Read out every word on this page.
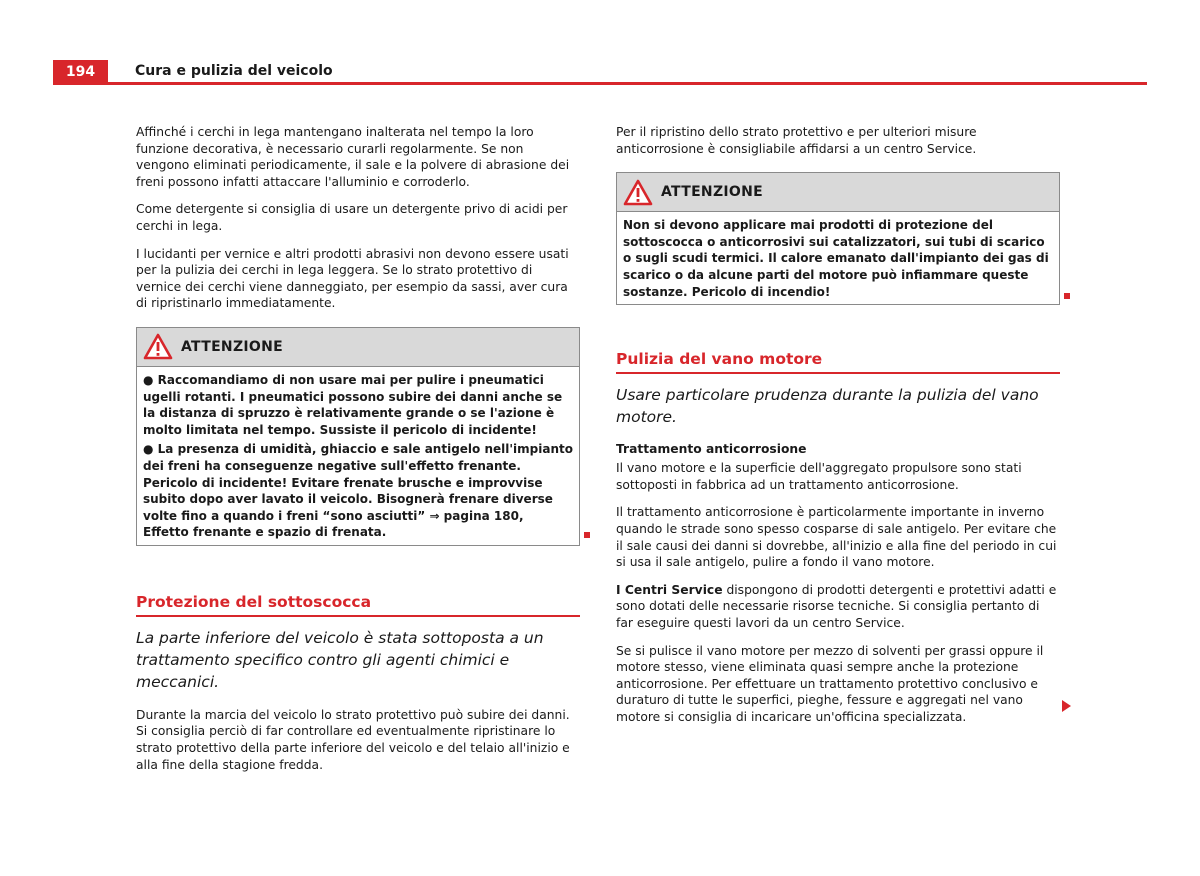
194	Cura e pulizia del veicolo

Affinché i cerchi in lega mantengano inalterata nel tempo la loro funzione decorativa, è necessario curarli regolarmente. Se non vengono eliminati periodicamente, il sale e la polvere di abrasione dei freni possono infatti attaccare l'alluminio e corroderlo.

Come detergente si consiglia di usare un detergente privo di acidi per cerchi in lega.

I lucidanti per vernice e altri prodotti abrasivi non devono essere usati per la pulizia dei cerchi in lega leggera. Se lo strato protettivo di vernice dei cerchi viene danneggiato, per esempio da sassi, aver cura di ripristinarlo immediatamente.

ATTENZIONE

● Raccomandiamo di non usare mai per pulire i pneumatici ugelli rotanti. I pneumatici possono subire dei danni anche se la distanza di spruzzo è relativamente grande o se l'azione è molto limitata nel tempo. Sussiste il pericolo di incidente!

● La presenza di umidità, ghiaccio e sale antigelo nell'impianto dei freni ha conseguenze negative sull'effetto frenante. Pericolo di incidente! Evitare frenate brusche e improvvise subito dopo aver lavato il veicolo. Bisognerà frenare diverse volte fino a quando i freni “sono asciutti” ⇒ pagina 180, Effetto frenante e spazio di frenata.

Protezione del sottoscocca

La parte inferiore del veicolo è stata sottoposta a un trattamento specifico contro gli agenti chimici e meccanici.

Durante la marcia del veicolo lo strato protettivo può subire dei danni. Si consiglia perciò di far controllare ed eventualmente ripristinare lo strato protettivo della parte inferiore del veicolo e del telaio all'inizio e alla fine della stagione fredda.

Per il ripristino dello strato protettivo e per ulteriori misure anticorrosione è consigliabile affidarsi a un centro Service.

ATTENZIONE

Non si devono applicare mai prodotti di protezione del sottoscocca o anticorrosivi sui catalizzatori, sui tubi di scarico o sugli scudi termici. Il calore emanato dall'impianto dei gas di scarico o da alcune parti del motore può infiammare queste sostanze. Pericolo di incendio!

Pulizia del vano motore

Usare particolare prudenza durante la pulizia del vano motore.

Trattamento anticorrosione

Il vano motore e la superficie dell'aggregato propulsore sono stati sottoposti in fabbrica ad un trattamento anticorrosione.

Il trattamento anticorrosione è particolarmente importante in inverno quando le strade sono spesso cosparse di sale antigelo. Per evitare che il sale causi dei danni si dovrebbe, all'inizio e alla fine del periodo in cui si usa il sale antigelo, pulire a fondo il vano motore.

I Centri Service dispongono di prodotti detergenti e protettivi adatti e sono dotati delle necessarie risorse tecniche. Si consiglia pertanto di far eseguire questi lavori da un centro Service.

Se si pulisce il vano motore per mezzo di solventi per grassi oppure il motore stesso, viene eliminata quasi sempre anche la protezione anticorrosione. Per effettuare un trattamento protettivo conclusivo e duraturo di tutte le superfici, pieghe, fessure e aggregati nel vano motore si consiglia di incaricare un'officina specializzata.
